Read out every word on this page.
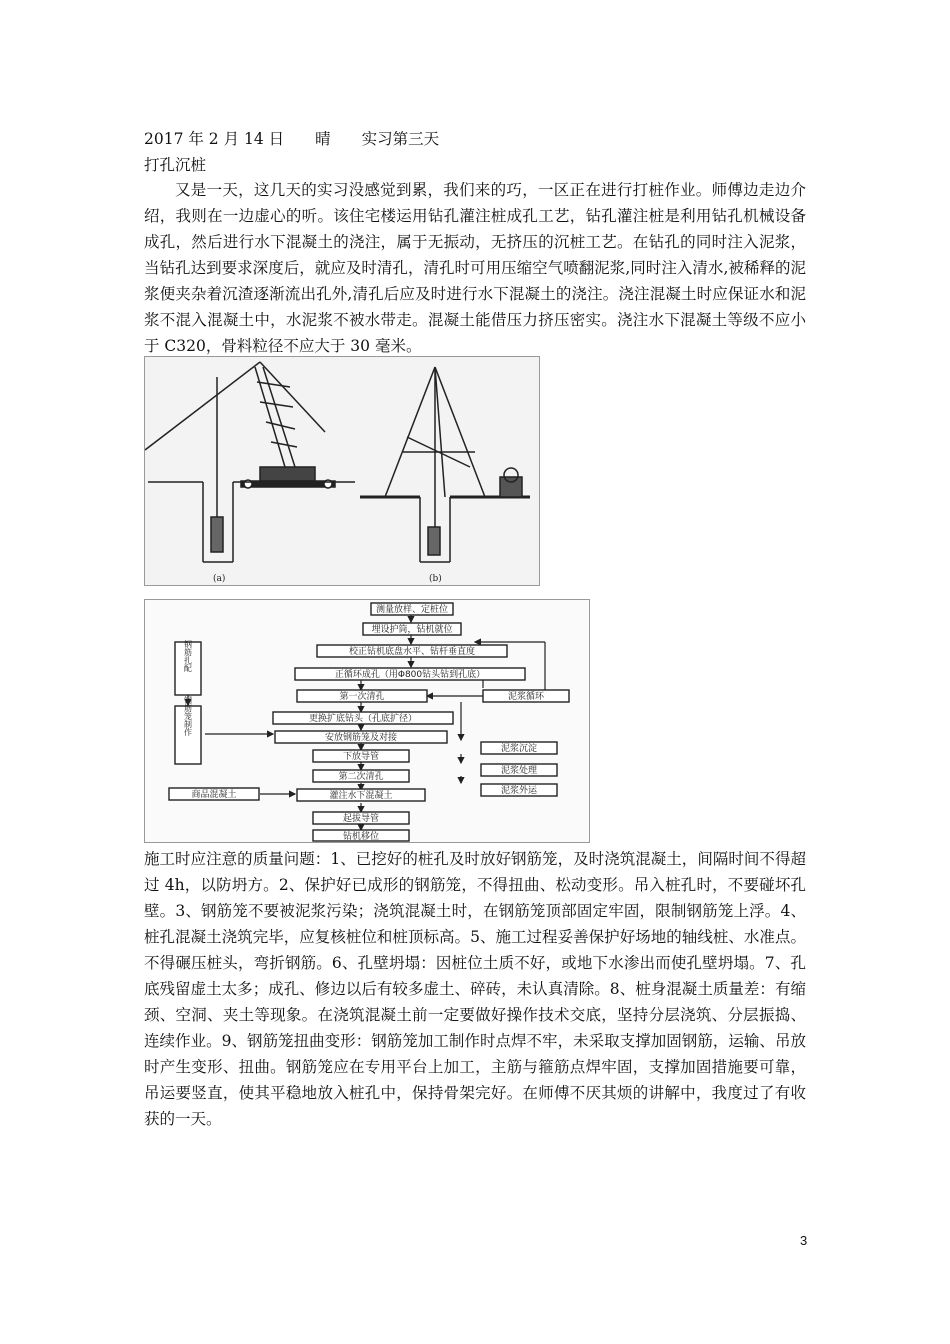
2017 年 2 月 14 日　　晴　　实习第三天
打孔沉桩
又是一天，这几天的实习没感觉到累，我们来的巧，一区正在进行打桩作业。师傅边走边介绍，我则在一边虚心的听。该住宅楼运用钻孔灌注桩成孔工艺，钻孔灌注桩是利用钻孔机械设备成孔，然后进行水下混凝土的浇注，属于无振动，无挤压的沉桩工艺。在钻孔的同时注入泥浆，当钻孔达到要求深度后，就应及时清孔，清孔时可用压缩空气喷翻泥浆,同时注入清水,被稀释的泥浆便夹杂着沉渣逐渐流出孔外,清孔后应及时进行水下混凝土的浇注。浇注混凝土时应保证水和泥浆不混入混凝土中，水泥浆不被水带走。混凝土能借压力挤压密实。浇注水下混凝土等级不应小于 C320，骨料粒径不应大于 30 毫米。
(a)	(b)
测量放样、定桩位
埋设护筒，钻机就位
校正钻机底盘水平、钻杆垂直度
正循环成孔（用Φ800钻头钻到孔底）
第一次清孔
更换扩底钻头（孔底扩径）
安放钢筋笼及对接
下放导管
第二次清孔
灌注水下混凝土
起拔导管
钻机移位
钢筋扎配
钢筋笼制作
商品混凝土
泥浆循环
泥浆沉淀
泥浆处理
泥浆外运
施工时应注意的质量问题：1、已挖好的桩孔及时放好钢筋笼，及时浇筑混凝土，间隔时间不得超过 4h，以防坍方。2、保护好已成形的钢筋笼，不得扭曲、松动变形。吊入桩孔时，不要碰坏孔壁。3、钢筋笼不要被泥浆污染；浇筑混凝土时，在钢筋笼顶部固定牢固，限制钢筋笼上浮。4、桩孔混凝土浇筑完毕，应复核桩位和桩顶标高。5、施工过程妥善保护好场地的轴线桩、水准点。不得碾压桩头，弯折钢筋。6、孔壁坍塌：因桩位土质不好，或地下水渗出而使孔壁坍塌。7、孔底残留虚土太多；成孔、修边以后有较多虚土、碎砖，未认真清除。8、桩身混凝土质量差：有缩颈、空洞、夹土等现象。在浇筑混凝土前一定要做好操作技术交底，坚持分层浇筑、分层振捣、连续作业。9、钢筋笼扭曲变形：钢筋笼加工制作时点焊不牢，未采取支撑加固钢筋，运输、吊放时产生变形、扭曲。钢筋笼应在专用平台上加工，主筋与箍筋点焊牢固，支撑加固措施要可靠，吊运要竖直，使其平稳地放入桩孔中，保持骨架完好。在师傅不厌其烦的讲解中，我度过了有收获的一天。
3
